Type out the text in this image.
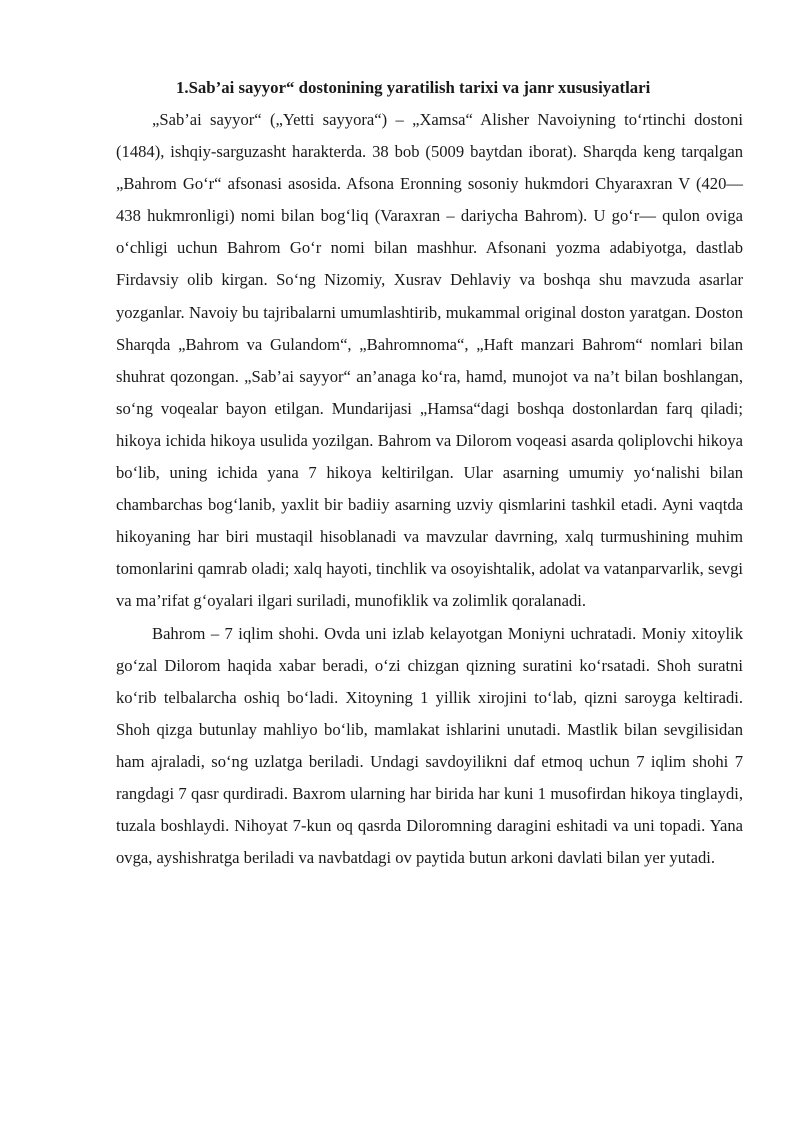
1.Sab’ai sayyor“ dostonining yaratilish tarixi va janr xususiyatlari

„Sab’ai sayyor“ („Yetti sayyora“) – „Xamsa“ Alisher Navoiyning to‘rtinchi dostoni (1484), ishqiy-sarguzasht harakterda. 38 bob (5009 baytdan iborat). Sharqda keng tarqalgan „Bahrom Go‘r“ afsonasi asosida. Afsona Eronning sosoniy hukmdori Chyaraxran V (420— 438 hukmronligi) nomi bilan bog‘liq (Varaxran – dariycha Bahrom). U go‘r— qulon oviga o‘chligi uchun Bahrom Go‘r nomi bilan mashhur. Afsonani yozma adabiyotga, dastlab Firdavsiy olib kirgan. So‘ng Nizomiy, Xusrav Dehlaviy va boshqa shu mavzuda asarlar yozganlar. Navoiy bu tajribalarni umumlashtirib, mukammal original doston yaratgan. Doston Sharqda „Bahrom va Gulandom“, „Bahromnoma“, „Haft manzari Bahrom“ nomlari bilan shuhrat qozongan. „Sab’ai sayyor“ an’anaga ko‘ra, hamd, munojot va na’t bilan boshlangan, so‘ng voqealar bayon etilgan. Mundarijasi „Hamsa“dagi boshqa dostonlardan farq qiladi; hikoya ichida hikoya usulida yozilgan. Bahrom va Dilorom voqeasi asarda qoliplovchi hikoya bo‘lib, uning ichida yana 7 hikoya keltirilgan. Ular asarning umumiy yo‘nalishi bilan chambarchas bog‘lanib, yaxlit bir badiiy asarning uzviy qismlarini tashkil etadi. Ayni vaqtda hikoyaning har biri mustaqil hisoblanadi va mavzular davrning, xalq turmushining muhim tomonlarini qamrab oladi; xalq hayoti, tinchlik va osoyishtalik, adolat va vatanparvarlik, sevgi va ma’rifat g‘oyalari ilgari suriladi, munofiklik va zolimlik qoralanadi.

Bahrom – 7 iqlim shohi. Ovda uni izlab kelayotgan Moniyni uchratadi. Moniy xitoylik go‘zal Dilorom haqida xabar beradi, o‘zi chizgan qizning suratini ko‘rsatadi. Shoh suratni ko‘rib telbalarcha oshiq bo‘ladi. Xitoyning 1 yillik xirojini to‘lab, qizni saroyga keltiradi. Shoh qizga butunlay mahliyo bo‘lib, mamlakat ishlarini unutadi. Mastlik bilan sevgilisidan ham ajraladi, so‘ng uzlatga beriladi. Undagi savdoyilikni daf etmoq uchun 7 iqlim shohi 7 rangdagi 7 qasr qurdiradi. Baxrom ularning har birida har kuni 1 musofirdan hikoya tinglaydi, tuzala boshlaydi. Nihoyat 7-kun oq qasrda Diloromning daragini eshitadi va uni topadi. Yana ovga, ayshishratga beriladi va navbatdagi ov paytida butun arkoni davlati bilan yer yutadi.
